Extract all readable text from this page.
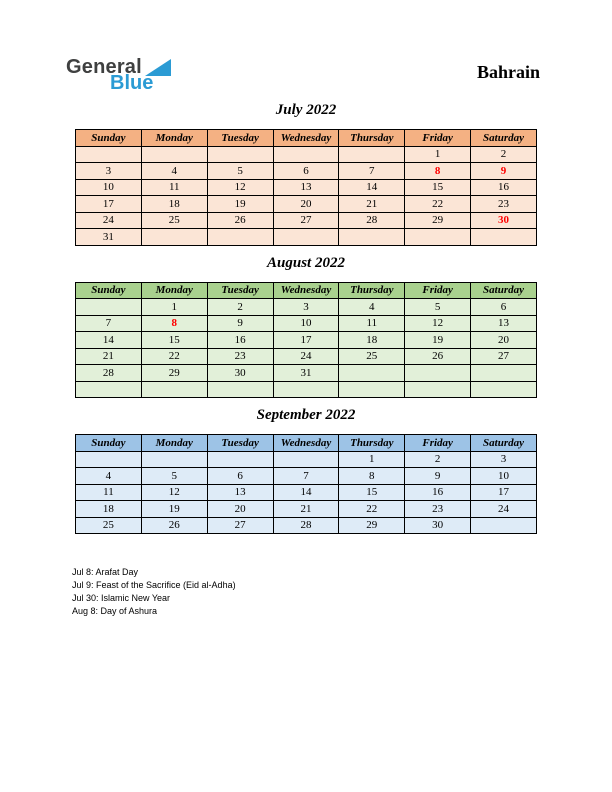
General
Blue	Bahrain
July 2022
Sunday	Monday	Tuesday	Wednesday	Thursday	Friday	Saturday
					1	2
3	4	5	6	7	8	9
10	11	12	13	14	15	16
17	18	19	20	21	22	23
24	25	26	27	28	29	30
31						
August 2022
Sunday	Monday	Tuesday	Wednesday	Thursday	Friday	Saturday
	1	2	3	4	5	6
7	8	9	10	11	12	13
14	15	16	17	18	19	20
21	22	23	24	25	26	27
28	29	30	31			

September 2022
Sunday	Monday	Tuesday	Wednesday	Thursday	Friday	Saturday
				1	2	3
4	5	6	7	8	9	10
11	12	13	14	15	16	17
18	19	20	21	22	23	24
25	26	27	28	29	30	
Jul 8: Arafat Day
Jul 9: Feast of the Sacrifice (Eid al-Adha)
Jul 30: Islamic New Year
Aug 8: Day of Ashura
